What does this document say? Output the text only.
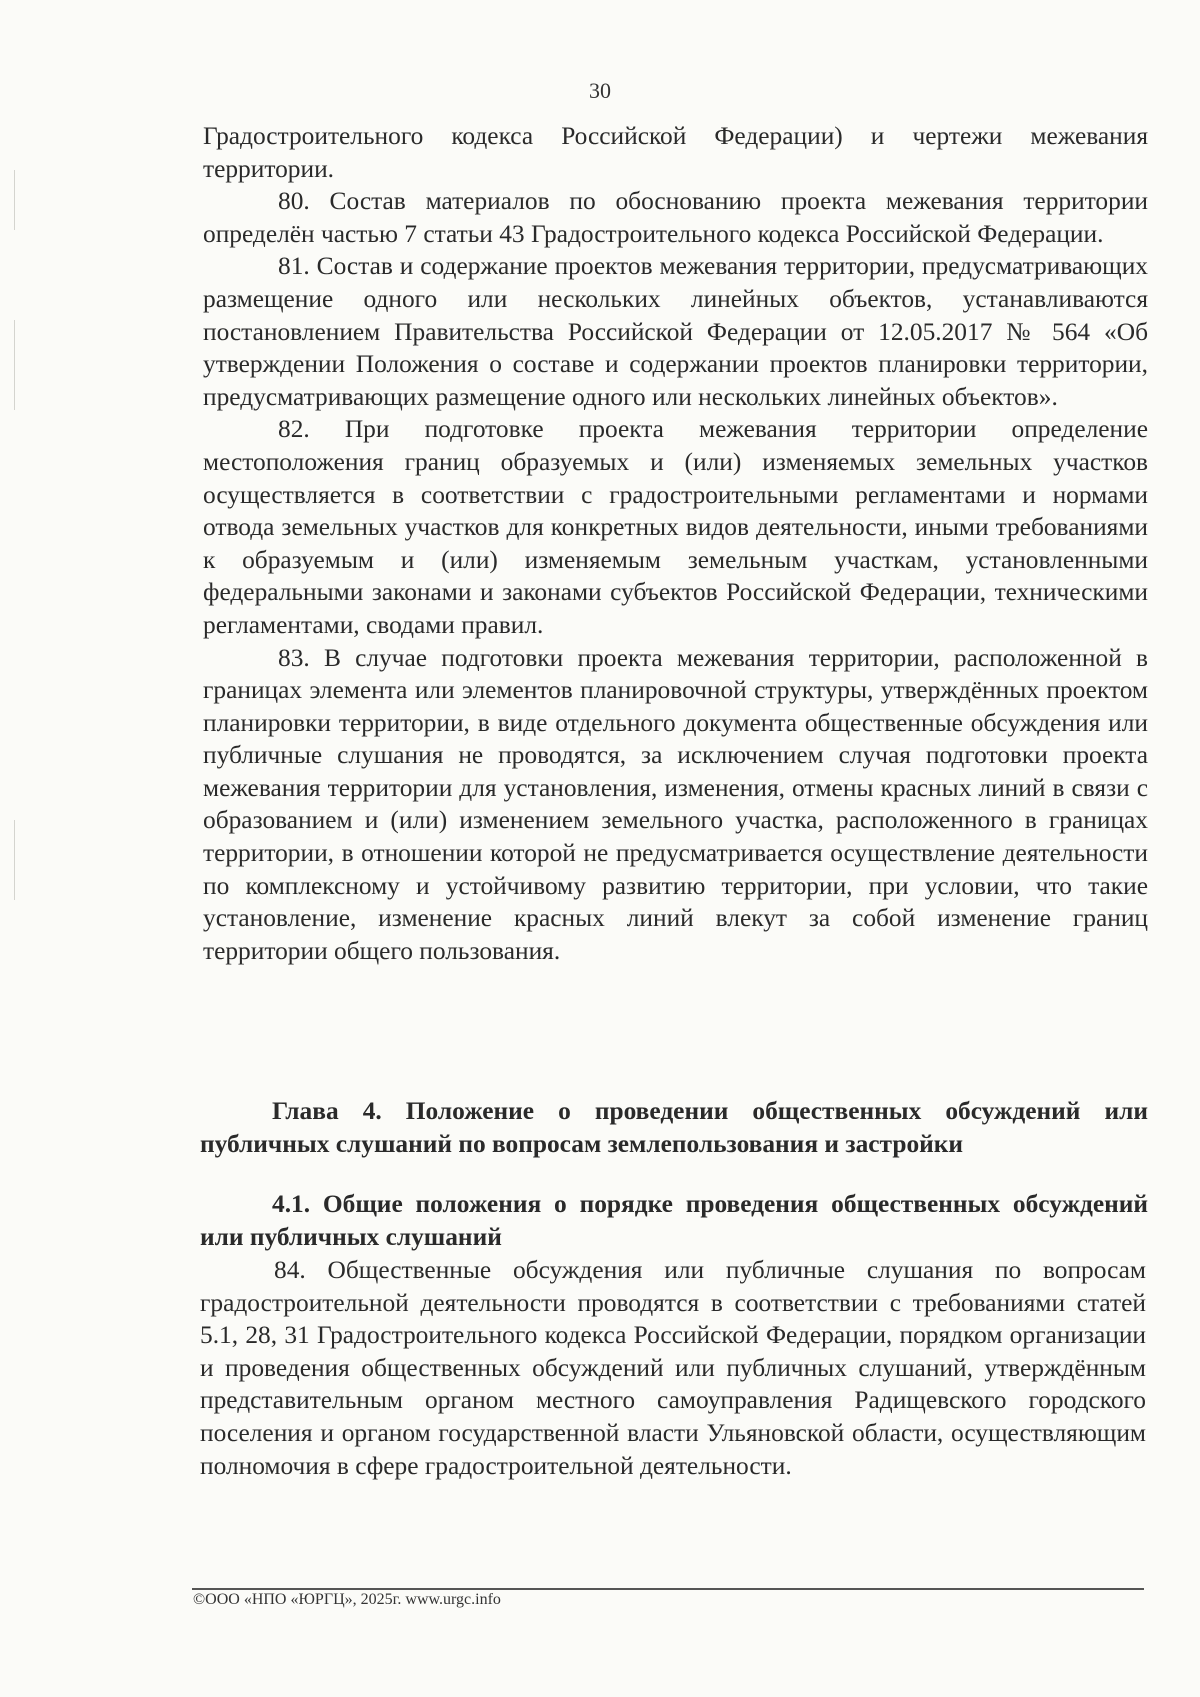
30

Градостроительного кодекса Российской Федерации) и чертежи межевания территории.

80. Состав материалов по обоснованию проекта межевания территории определён частью 7 статьи 43 Градостроительного кодекса Российской Федерации.

81. Состав и содержание проектов межевания территории, предусматривающих размещение одного или нескольких линейных объектов, устанавливаются постановлением Правительства Российской Федерации от 12.05.2017 № 564 «Об утверждении Положения о составе и содержании проектов планировки территории, предусматривающих размещение одного или нескольких линейных объектов».

82. При подготовке проекта межевания территории определение местоположения границ образуемых и (или) изменяемых земельных участков осуществляется в соответствии с градостроительными регламентами и нормами отвода земельных участков для конкретных видов деятельности, иными требованиями к образуемым и (или) изменяемым земельным участкам, установленными федеральными законами и законами субъектов Российской Федерации, техническими регламентами, сводами правил.

83. В случае подготовки проекта межевания территории, расположенной в границах элемента или элементов планировочной структуры, утверждённых проектом планировки территории, в виде отдельного документа общественные обсуждения или публичные слушания не проводятся, за исключением случая подготовки проекта межевания территории для установления, изменения, отмены красных линий в связи с образованием и (или) изменением земельного участка, расположенного в границах территории, в отношении которой не предусматривается осуществление деятельности по комплексному и устойчивому развитию территории, при условии, что такие установление, изменение красных линий влекут за собой изменение границ территории общего пользования.

Глава 4. Положение о проведении общественных обсуждений или публичных слушаний по вопросам землепользования и застройки
4.1. Общие положения о порядке проведения общественных обсуждений или публичных слушаний

84. Общественные обсуждения или публичные слушания по вопросам градостроительной деятельности проводятся в соответствии с требованиями статей 5.1, 28, 31 Градостроительного кодекса Российской Федерации, порядком организации и проведения общественных обсуждений или публичных слушаний, утверждённым представительным органом местного самоуправления Радищевского городского поселения и органом государственной власти Ульяновской области, осуществляющим полномочия в сфере градостроительной деятельности.

©ООО «НПО «ЮРГЦ», 2025г. www.urgc.info
